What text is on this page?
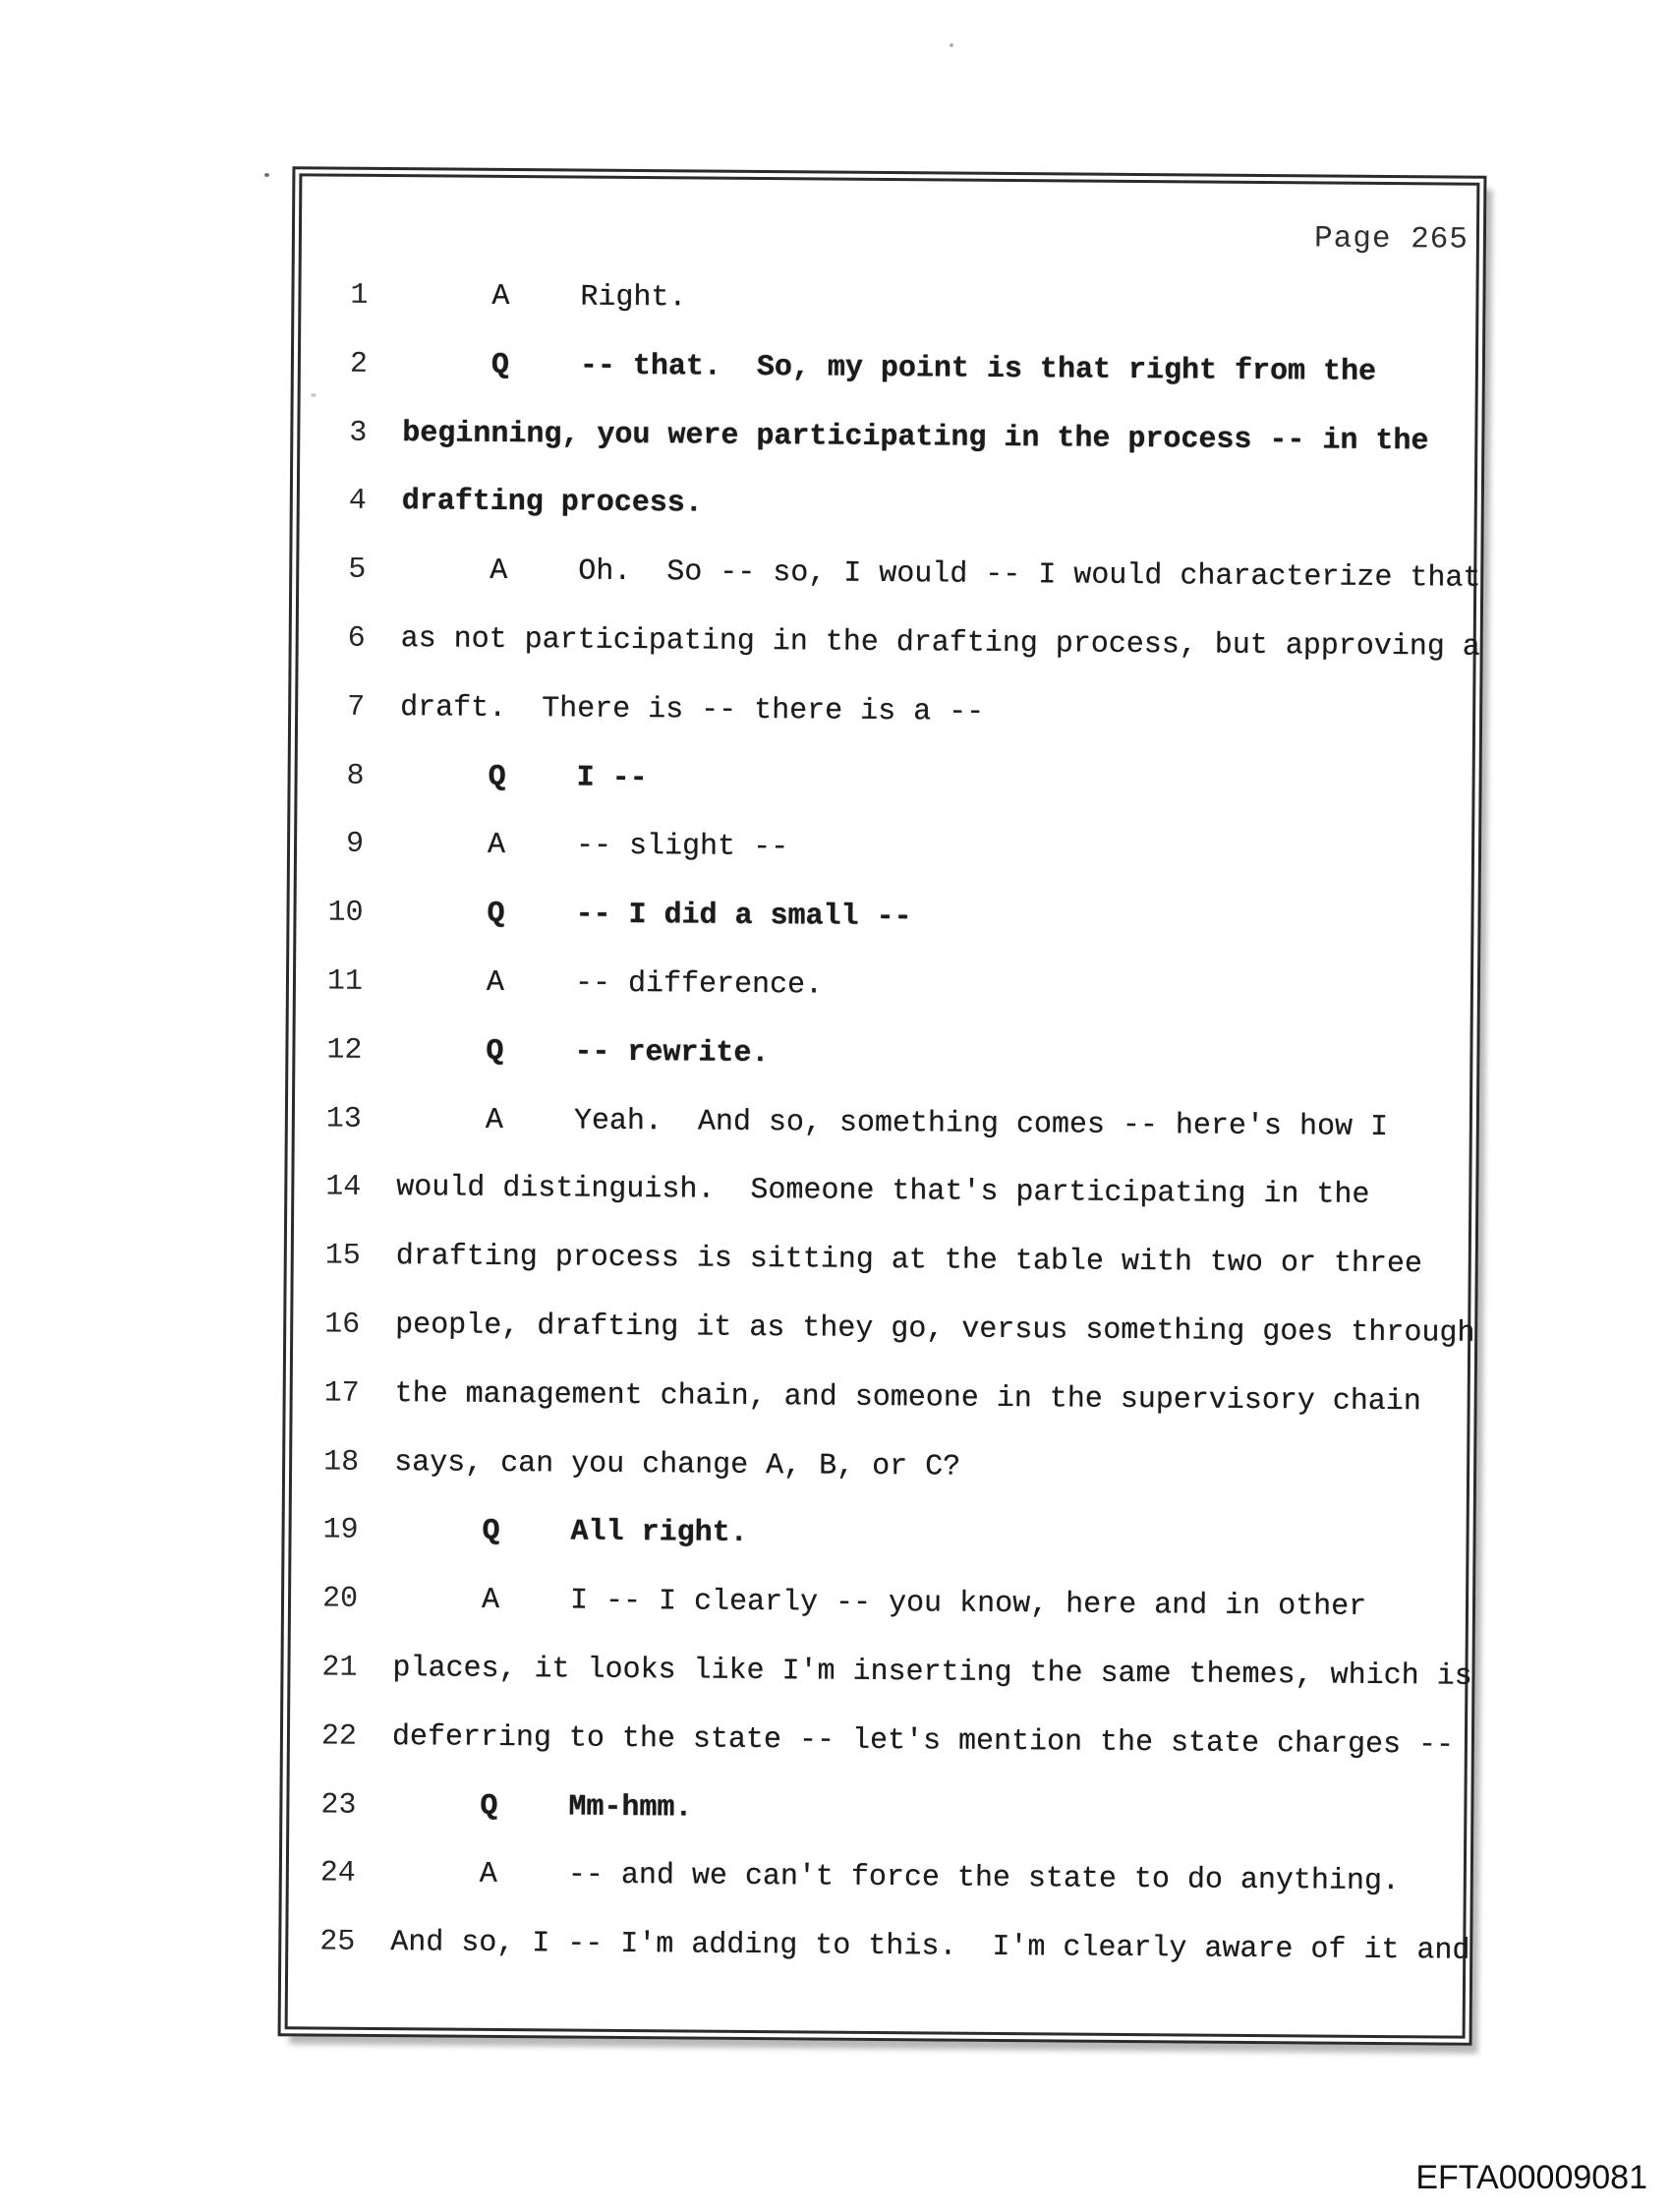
Page 265
1 A    Right.
2 Q    -- that.  So, my point is that right from the
3 beginning, you were participating in the process -- in the
4 drafting process.
5 A    Oh.  So -- so, I would -- I would characterize that
6 as not participating in the drafting process, but approving a
7 draft.  There is -- there is a --
8 Q    I --
9 A    -- slight --
10 Q    -- I did a small --
11 A    -- difference.
12 Q    -- rewrite.
13 A    Yeah.  And so, something comes -- here's how I
14 would distinguish.  Someone that's participating in the
15 drafting process is sitting at the table with two or three
16 people, drafting it as they go, versus something goes through
17 the management chain, and someone in the supervisory chain
18 says, can you change A, B, or C?
19 Q    All right.
20 A    I -- I clearly -- you know, here and in other
21 places, it looks like I'm inserting the same themes, which is
22 deferring to the state -- let's mention the state charges --
23 Q    Mm-hmm.
24 A    -- and we can't force the state to do anything.
25 And so, I -- I'm adding to this.  I'm clearly aware of it and
EFTA00009081
